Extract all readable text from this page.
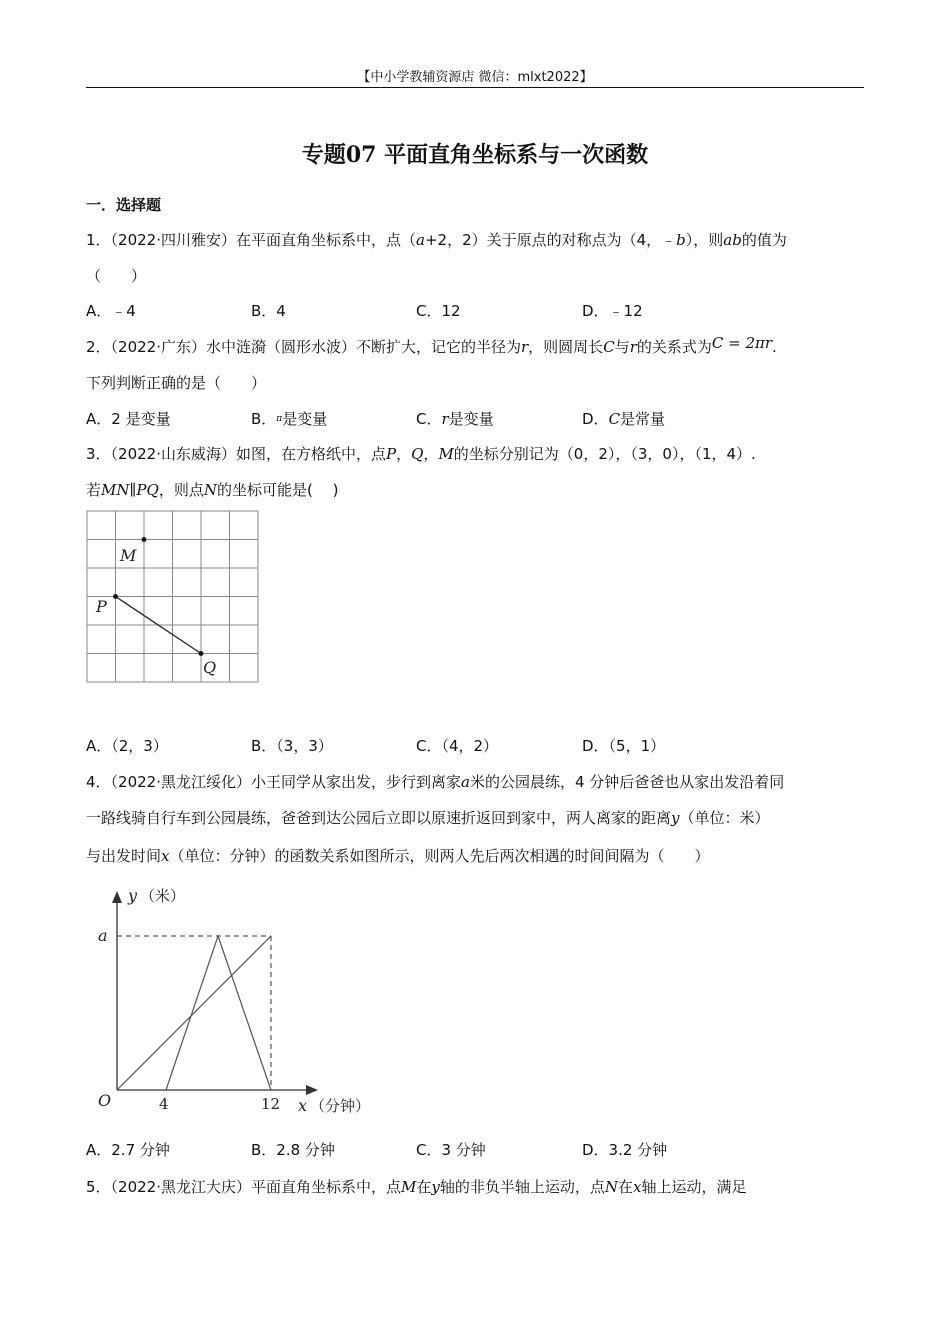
【中小学教辅资源店 微信：mlxt2022】
专题07 平面直角坐标系与一次函数
一．选择题
1．（2022·四川雅安）在平面直角坐标系中，点（a+2，2）关于原点的对称点为（4，﹣b），则ab的值为
（　　）
A．﹣4	B．4	C．12	D．﹣12
2．（2022·广东）水中涟漪（圆形水波）不断扩大，记它的半径为r，则圆周长C与r的关系式为C = 2πr.
下列判断正确的是（　　）
A．2 是变量	B．$^\pi$是变量	C．r是变量	D．C是常量
3．（2022·山东威海）如图，在方格纸中，点P，Q，M的坐标分别记为（0，2），（3，0），（1，4）.
若MN∥PQ，则点N的坐标可能是(　 )
M
P
Q
A．（2，3）	B．（3，3）	C．（4，2）	D．（5，1）
4．（2022·黑龙江绥化）小王同学从家出发，步行到离家a米的公园晨练，4 分钟后爸爸也从家出发沿着同
一路线骑自行车到公园晨练，爸爸到达公园后立即以原速折返回到家中，两人离家的距离y（单位：米）
与出发时间x（单位：分钟）的函数关系如图所示，则两人先后两次相遇的时间间隔为（　　）
y （米）
a
O	4	12 x （分钟）
A．2.7 分钟	B．2.8 分钟	C．3 分钟	D．3.2 分钟
5．（2022·黑龙江大庆）平面直角坐标系中，点M在y轴的非负半轴上运动，点N在x轴上运动，满足
